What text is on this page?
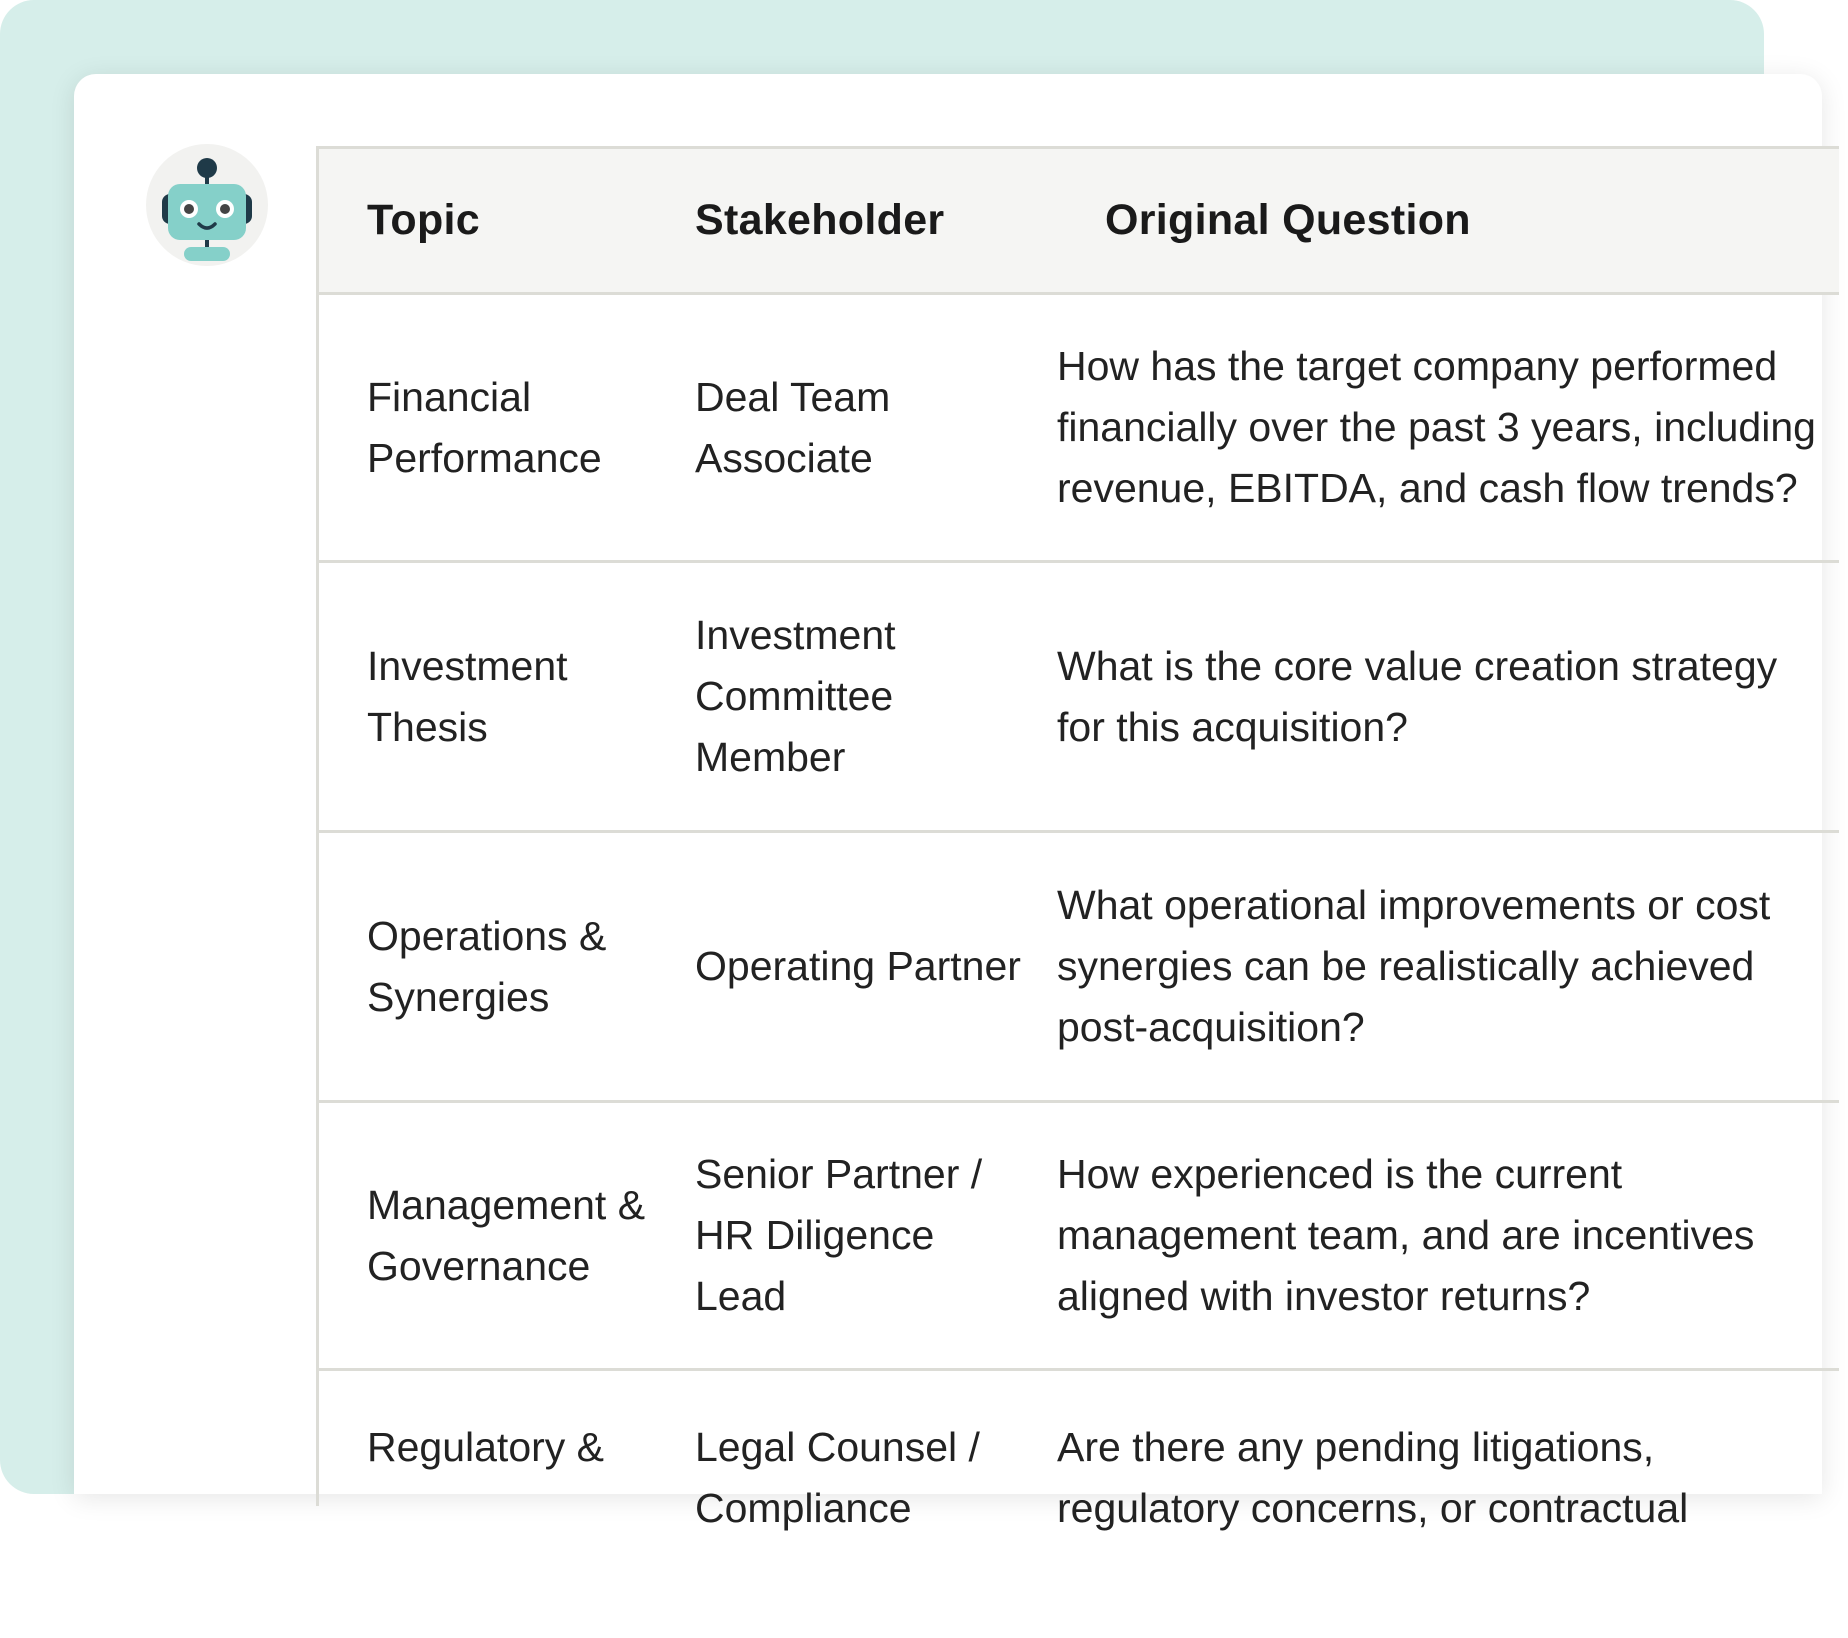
Topic	Stakeholder	Original Question

Financial Performance	Deal Team Associate	How has the target company performed financially over the past 3 years, including revenue, EBITDA, and cash flow trends?

Investment Thesis	Investment Committee Member	What is the core value creation strategy for this acquisition?

Operations & Synergies	Operating Partner	What operational improvements or cost synergies can be realistically achieved post-acquisition?

Management & Governance	Senior Partner / HR Diligence Lead	How experienced is the current management team, and are incentives aligned with investor returns?

Regulatory &	Legal Counsel / Compliance	Are there any pending litigations, regulatory concerns, or contractual
